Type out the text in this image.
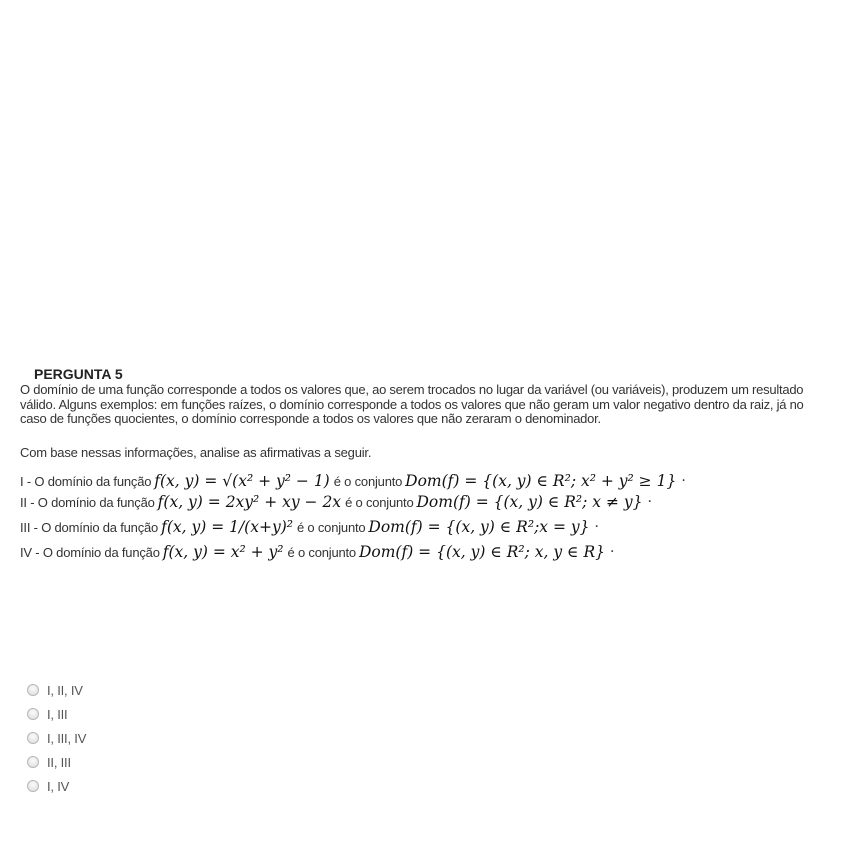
PERGUNTA 5

O domínio de uma função corresponde a todos os valores que, ao serem trocados no lugar da variável (ou variáveis), produzem um resultado válido. Alguns exemplos: em funções raízes, o domínio corresponde a todos os valores que não geram um valor negativo dentro da raiz, já no caso de funções quocientes, o domínio corresponde a todos os valores que não zeraram o denominador.

Com base nessas informações, analise as afirmativas a seguir.
I - O domínio da função f(x, y) = √(x² + y² − 1) é o conjunto Dom(f) = {(x, y) ∈ R²; x² + y² ≥ 1} ·
II - O domínio da função f(x, y) = 2xy² + xy − 2x é o conjunto Dom(f) = {(x, y) ∈ R²; x ≠ y} ·
III - O domínio da função f(x, y) = 1/(x+y)² é o conjunto Dom(f) = {(x, y) ∈ R²;x = y} ·
IV - O domínio da função f(x, y) = x² + y² é o conjunto Dom(f) = {(x, y) ∈ R²; x, y ∈ R} ·
I, II, IV
I, III
I, III, IV
II, III
I, IV
